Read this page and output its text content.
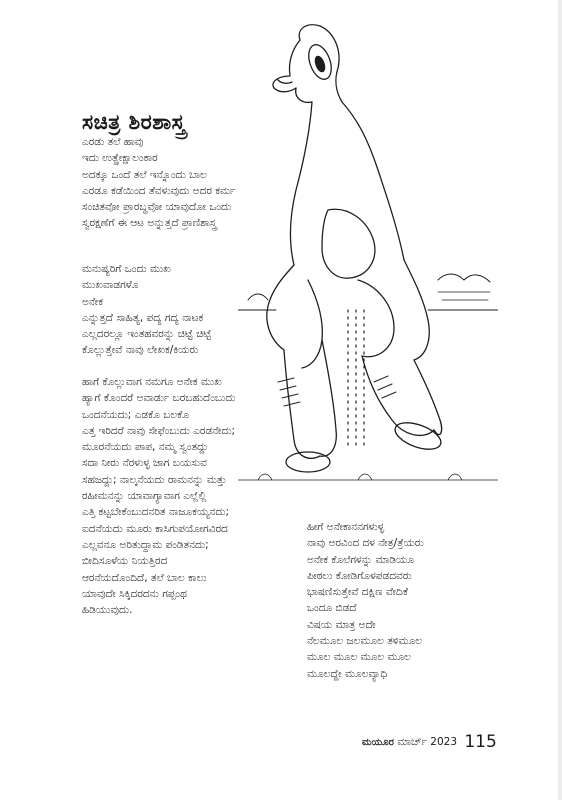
ಸಚಿತ್ರ ಶಿರಶಾಸ್ತ್ರ
ಎರಡು ತಲೆ ಹಾವು
ಇದು ಉತ್ಪ್ರೇಕ್ಷಾಲಂಕಾರ
ಅದಕ್ಕೂ ಒಂದೆ ತಲೆ ಇನ್ನೊಂದು ಬಾಲ
ಎರಡೂ ಕಡೆಯಿಂದ ತೆವಳುವುದು ಅದರ ಕರ್ಮ
ಸಂಚಿತವೋ ಪ್ರಾರಬ್ಧವೋ ಯಾವುದೋ ಒಂದು
ಸ್ವರಕ್ಷಣೆಗೆ ಈ ಆಟ ಅನ್ನುತ್ತದೆ ಪ್ರಾಣಿಶಾಸ್ತ್ರ
ಮನುಷ್ಯರಿಗೆ ಒಂದು ಮುಖ
ಮುಖವಾಡಗಳೊ
ಅನೇಕ
ಎನ್ನುತ್ತದೆ ಸಾಹಿತ್ಯ, ಪದ್ಯ ಗದ್ಯ ನಾಟಕ
ಎಲ್ಲದರಲ್ಲೂ ಇಂತಹವರನ್ನು ಚಿಟ್ಟೆ ಚಿಟ್ಟೆ
ಕೊಲ್ಲುತ್ತೇವೆ ನಾವು ಲೇಖಕ/ಕಿಯರು
ಹಾಗೆ ಕೊಲ್ಲುವಾಗ ನಮಗೂ ಅನೇಕ ಮುಖ
ಹ್ಯಾಗೆ ಕೊಂದರೆ ಅವಾರ್ಡು ಬರಬಹುದೆಂಬುದು
ಒಂದನೆಯದು; ಎಡಕೊ ಬಲಕೊ
ಎತ್ತ ಇರಿದರೆ ನಾವು ಸೇಫೆಂಬುದು ಎರಡನೇದು;
ಮೂರನೆಯದು ಪಾಪ, ನಮ್ಮ ಸ್ವಂತದ್ದು
ಸದಾ ನೀರು ನೆರಳುಳ್ಳ ಜಾಗ ಬಯಸುವ
ಸಹಜದ್ದು; ನಾಲ್ಕನೆಯದು ರಾಮನನ್ನು ಮತ್ತು
ರಹೀಮನನ್ನು ಯಾವಾಗ್ಯಾವಾಗ ಎಲ್ಲೆಲ್ಲಿ
ಎತ್ತಿ ಕಟ್ಟಬೇಕೆಂಬುದನರಿತ ನಾಜೂಕಯ್ಯನದು;
ಐದನೆಯದು ಮೂರು ಕಾಸಿಗುಪಯೋಗವಿರದ
ಎಲ್ಲವನೂ ಅರಿತುದ್ದಾಮ ಪಂಡಿತನದು;
ಬೀದಿಸೂಳೆಯ ನಿಯತ್ತಿರದ
ಆರನೆಯದೊಂದಿದೆ, ತಲೆ ಬಾಲ ಕಾಲು
ಯಾವುದೇ ಸಿಕ್ಕಿದರದನು ಗಪ್ಪಂಥ
ಹಿಡಿಯುವುದು.
ಹೀಗೆ ಅನೇಕಾನನಗಳುಳ್ಳ
ನಾವು ಅರವಿಂದ ದಳ ನೇತ್ರ/ತ್ರೆಯರು
ಅನೇಕ ಕೊಲೆಗಳನ್ನು ಮಾಡಿಯೂ
ಪೀಠಲು ಕೋಡಿಗೊಳಪಡದವರು
ಭಾಷಣಿಸುತ್ತೇವೆ ದಕ್ಷಿಣ ವೇದಿಕೆ
ಒಂದೂ ಬಿಡದೆ
ವಿಷಯ ಮಾತ್ರ ಅದೇ
ನೆಲಮೂಲ ಜಲಮೂಲ ತಳಿಮೂಲ
ಮೂಲ ಮೂಲ ಮೂಲ ಮೂಲ
ಮೂಲದ್ದೇ ಮೂಲವ್ಯಾಧಿ
ಮಯೂರ ಮಾರ್ಚ್ 2023 115
